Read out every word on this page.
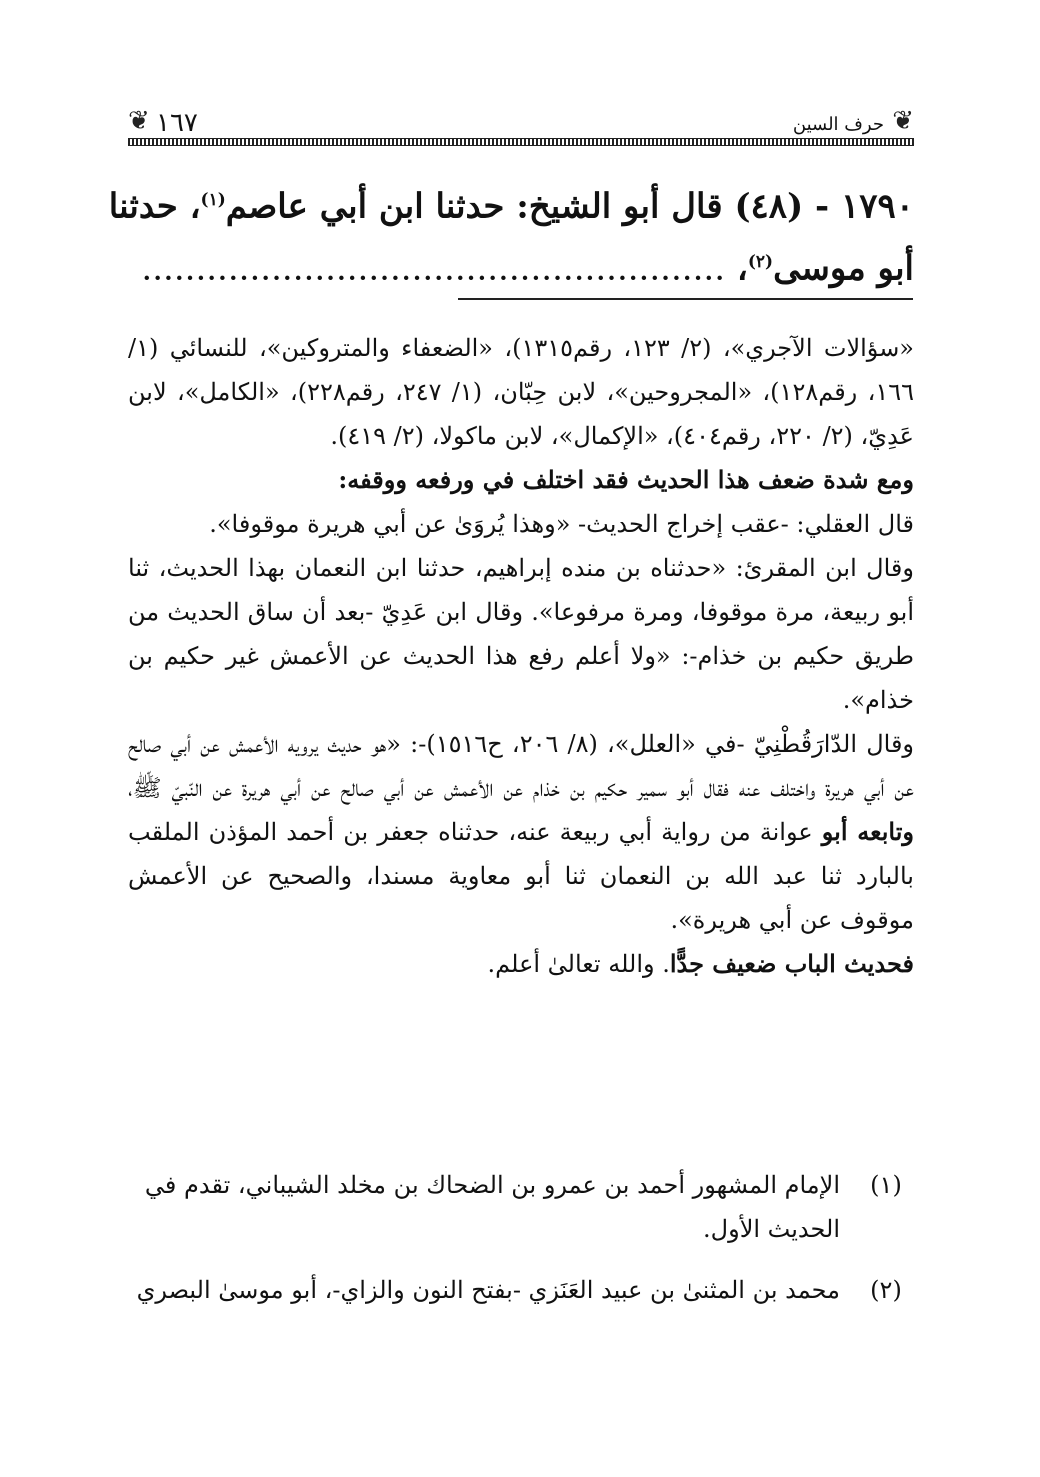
❦ ١٦٧	حرف السين ❦
١٧٩٠ - (٤٨) قال أبو الشيخ: حدثنا ابن أبي عاصم$^{(١)}$، حدثنا
أبو موسى$^{(٢)}$، ......................................................

«سؤالات الآجري»، (٢/ ١٢٣، رقم١٣١٥)، «الضعفاء والمتروكين»، للنسائي (١/ ١٦٦، رقم١٢٨)، «المجروحين»، لابن حِبّان، (١/ ٢٤٧، رقم٢٢٨)، «الكامل»، لابن عَدِيّ، (٢/ ٢٢٠، رقم٤٠٤)، «الإكمال»، لابن ماكولا، (٢/ ٤١٩).

ومع شدة ضعف هذا الحديث فقد اختلف في ورفعه ووقفه:

قال العقلي: -عقب إخراج الحديث- «وهذا يُروَىٰ عن أبي هريرة موقوفا».

وقال ابن المقرئ: «حدثناه بن منده إبراهيم، حدثنا ابن النعمان بهذا الحديث، ثنا أبو ربيعة، مرة موقوفا، ومرة مرفوعا». وقال ابن عَدِيّ -بعد أن ساق الحديث من طريق حكيم بن خذام-: «ولا أعلم رفع هذا الحديث عن الأعمش غير حكيم بن خذام».

وقال الدّارَقُطْنِيّ -في «العلل»، (٨/ ٢٠٦، ح١٥١٦)-: «هو حديث يرويه الأعمش عن أبي صالح عن أبي هريرة واختلف عنه فقال أبو سمير حكيم بن خذام عن الأعمش عن أبي صالح عن أبي هريرة عن النّبيّ ﷺ، وتابعه أبو عوانة من رواية أبي ربيعة عنه، حدثناه جعفر بن أحمد المؤذن الملقب بالبارد ثنا عبد الله بن النعمان ثنا أبو معاوية مسندا، والصحيح عن الأعمش موقوف عن أبي هريرة».

فحديث الباب ضعيف جدًّا. والله تعالىٰ أعلم.

(١)
الإمام المشهور أحمد بن عمرو بن الضحاك بن مخلد الشيباني، تقدم في الحديث الأول.
(٢)
محمد بن المثنىٰ بن عبيد العَنَزي -بفتح النون والزاي-، أبو موسىٰ البصري
